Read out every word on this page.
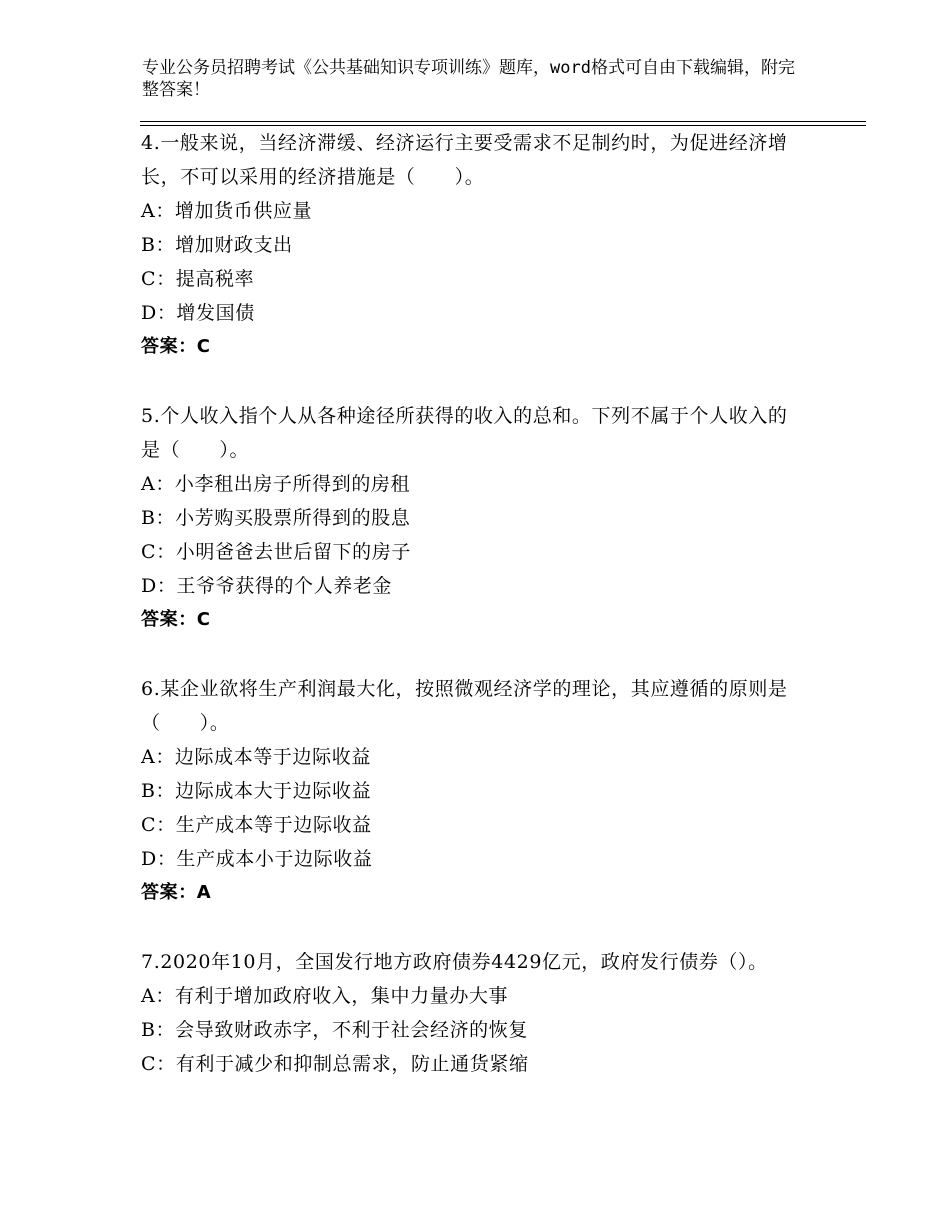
专业公务员招聘考试《公共基础知识专项训练》题库，word格式可自由下载编辑，附完整答案！

4.一般来说，当经济滞缓、经济运行主要受需求不足制约时，为促进经济增长，不可以采用的经济措施是（　　）。

A：增加货币供应量

B：增加财政支出

C：提高税率

D：增发国债

答案：C

5.个人收入指个人从各种途径所获得的收入的总和。下列不属于个人收入的是（　　）。

A：小李租出房子所得到的房租

B：小芳购买股票所得到的股息

C：小明爸爸去世后留下的房子

D：王爷爷获得的个人养老金

答案：C

6.某企业欲将生产利润最大化，按照微观经济学的理论，其应遵循的原则是（　　）。

A：边际成本等于边际收益

B：边际成本大于边际收益

C：生产成本等于边际收益

D：生产成本小于边际收益

答案：A

7.2020年10月，全国发行地方政府债券4429亿元，政府发行债券（）。

A：有利于增加政府收入，集中力量办大事

B：会导致财政赤字，不利于社会经济的恢复

C：有利于减少和抑制总需求，防止通货紧缩
